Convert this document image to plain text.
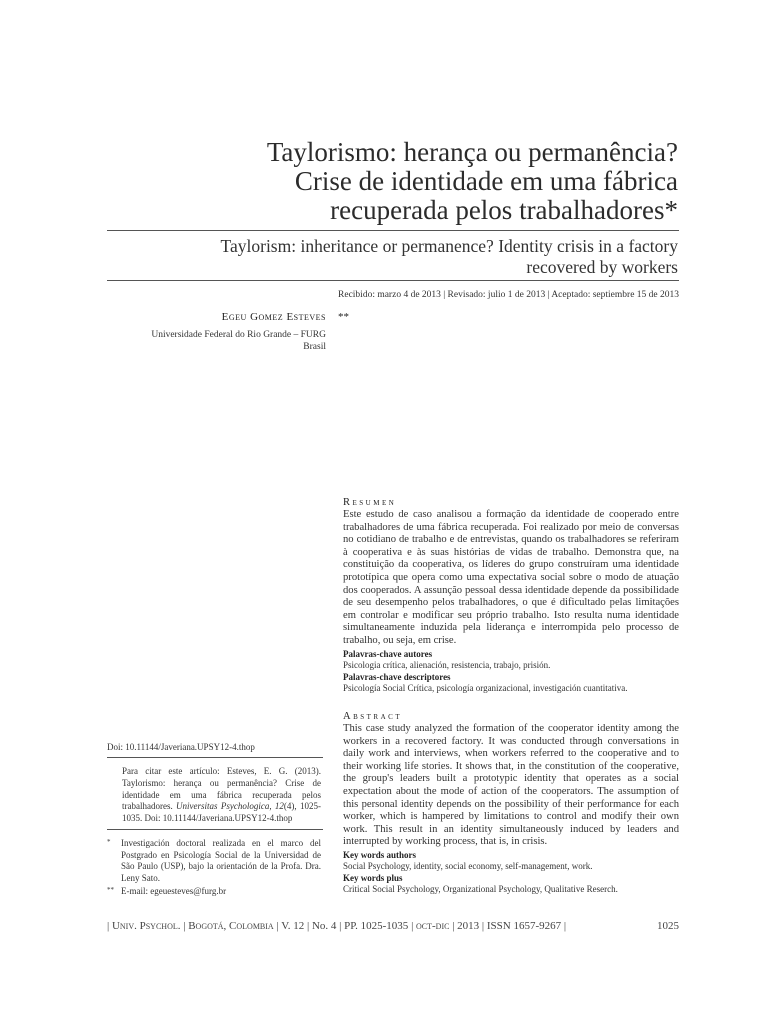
Taylorismo: herança ou permanência?
Crise de identidade em uma fábrica
recuperada pelos trabalhadores*
Taylorism: inheritance or permanence? Identity crisis in a factory
recovered by workers
Recibido: marzo 4 de 2013 | Revisado: julio 1 de 2013 | Aceptado: septiembre 15 de 2013
Egeu Gomez Esteves **
Universidade Federal do Rio Grande – FURG
Brasil
Resumen
Este estudo de caso analisou a formação da identidade de cooperado entre trabalhadores de uma fábrica recuperada. Foi realizado por meio de conversas no cotidiano de trabalho e de entrevistas, quando os trabalhadores se referiram à cooperativa e às suas histórias de vidas de trabalho. Demonstra que, na constituição da cooperativa, os líderes do grupo construíram uma identidade prototípica que opera como uma expectativa social sobre o modo de atuação dos cooperados. A assunção pessoal dessa identidade depende da possibilidade de seu desempenho pelos trabalhadores, o que é dificultado pelas limitações em controlar e modificar seu próprio trabalho. Isto resulta numa identidade simultaneamente induzida pela liderança e interrompida pelo processo de trabalho, ou seja, em crise.
Palavras-chave autores
Psicologia crítica, alienación, resistencia, trabajo, prisión.
Palavras-chave descriptores
Psicología Social Crítica, psicología organizacional, investigación cuantitativa.
Abstract
This case study analyzed the formation of the cooperator identity among the workers in a recovered factory. It was conducted through conversations in daily work and interviews, when workers referred to the cooperative and to their working life stories. It shows that, in the constitution of the cooperative, the group's leaders built a prototypic identity that operates as a social expectation about the mode of action of the cooperators. The assumption of this personal identity depends on the possibility of their performance for each worker, which is hampered by limitations to control and modify their own work. This result in an identity simultaneously induced by leaders and interrupted by working process, that is, in crisis.
Key words authors
Social Psychology, identity, social economy, self-management, work.
Key words plus
Critical Social Psychology, Organizational Psychology, Qualitative Reserch.
Doi: 10.11144/Javeriana.UPSY12-4.thop
Para citar este artículo: Esteves, E. G. (2013). Taylorismo: herança ou permanência? Crise de identidade em uma fábrica recuperada pelos trabalhadores. Universitas Psychologica, 12(4), 1025-1035. Doi: 10.11144/Javeriana.UPSY12-4.thop
* Investigación doctoral realizada en el marco del Postgrado en Psicología Social de la Universidad de São Paulo (USP), bajo la orientación de la Profa. Dra. Leny Sato.
** E-mail: egeuesteves@furg.br
| Univ. Psychol. | Bogotá, Colombia | V. 12 | No. 4 | PP. 1025-1035 | oct-dic | 2013 | ISSN 1657-9267 |	1025
